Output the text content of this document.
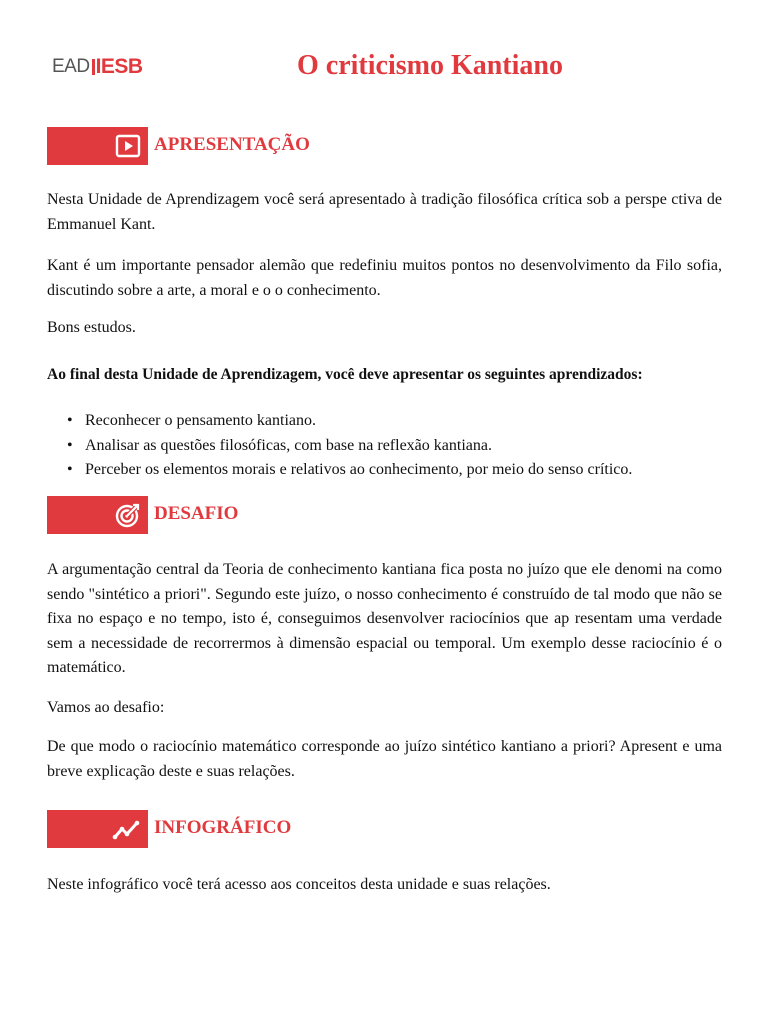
EAD IESB	O criticismo Kantiano
APRESENTAÇÃO

Nesta Unidade de Aprendizagem você será apresentado à tradição filosófica crítica sob a perspe ctiva de Emmanuel Kant.

Kant é um importante pensador alemão que redefiniu muitos pontos no desenvolvimento da Filo sofia, discutindo sobre a arte, a moral e o o conhecimento.

Bons estudos.

Ao final desta Unidade de Aprendizagem, você deve apresentar os seguintes aprendizados:

• Reconhecer o pensamento kantiano.
• Analisar as questões filosóficas, com base na reflexão kantiana.
• Perceber os elementos morais e relativos ao conhecimento, por meio do senso crítico.
DESAFIO

A argumentação central da Teoria de conhecimento kantiana fica posta no juízo que ele denomi na como sendo "sintético a priori". Segundo este juízo, o nosso conhecimento é construído de tal modo que não se fixa no espaço e no tempo, isto é, conseguimos desenvolver raciocínios que ap resentam uma verdade sem a necessidade de recorrermos à dimensão espacial ou temporal. Um exemplo desse raciocínio é o matemático.

Vamos ao desafio:

De que modo o raciocínio matemático corresponde ao juízo sintético kantiano a priori? Apresent e uma breve explicação deste e suas relações.

INFOGRÁFICO

Neste infográfico você terá acesso aos conceitos desta unidade e suas relações.
